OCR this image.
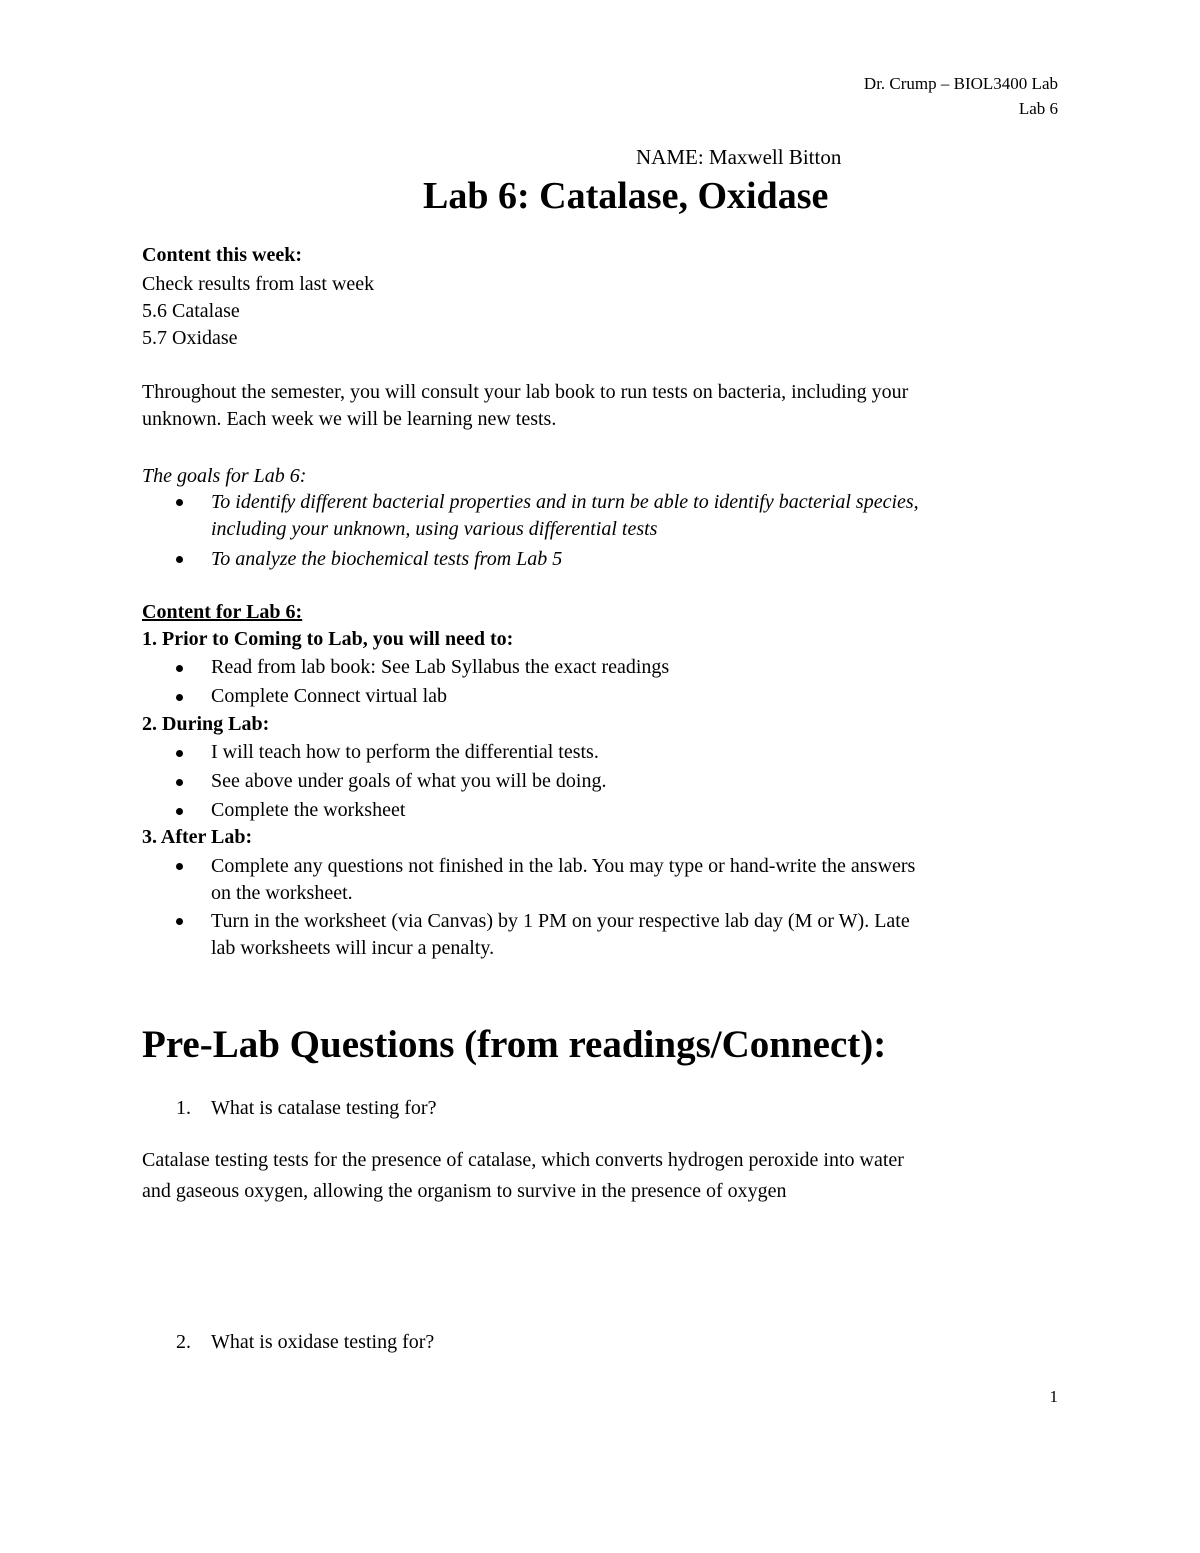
Dr. Crump – BIOL3400 Lab
Lab 6
NAME: Maxwell Bitton
Lab 6: Catalase, Oxidase
Content this week:
Check results from last week
5.6 Catalase
5.7 Oxidase
Throughout the semester, you will consult your lab book to run tests on bacteria, including your
unknown. Each week we will be learning new tests.
The goals for Lab 6:
To identify different bacterial properties and in turn be able to identify bacterial species,
including your unknown, using various differential tests
To analyze the biochemical tests from Lab 5
Content for Lab 6:
1. Prior to Coming to Lab, you will need to:
Read from lab book: See Lab Syllabus the exact readings
Complete Connect virtual lab
2. During Lab:
I will teach how to perform the differential tests.
See above under goals of what you will be doing.
Complete the worksheet
3. After Lab:
Complete any questions not finished in the lab. You may type or hand-write the answers
on the worksheet.
Turn in the worksheet (via Canvas) by 1 PM on your respective lab day (M or W). Late
lab worksheets will incur a penalty.
Pre-Lab Questions (from readings/Connect):
1. What is catalase testing for?
Catalase testing tests for the presence of catalase, which converts hydrogen peroxide into water
and gaseous oxygen, allowing the organism to survive in the presence of oxygen
2. What is oxidase testing for?
1
